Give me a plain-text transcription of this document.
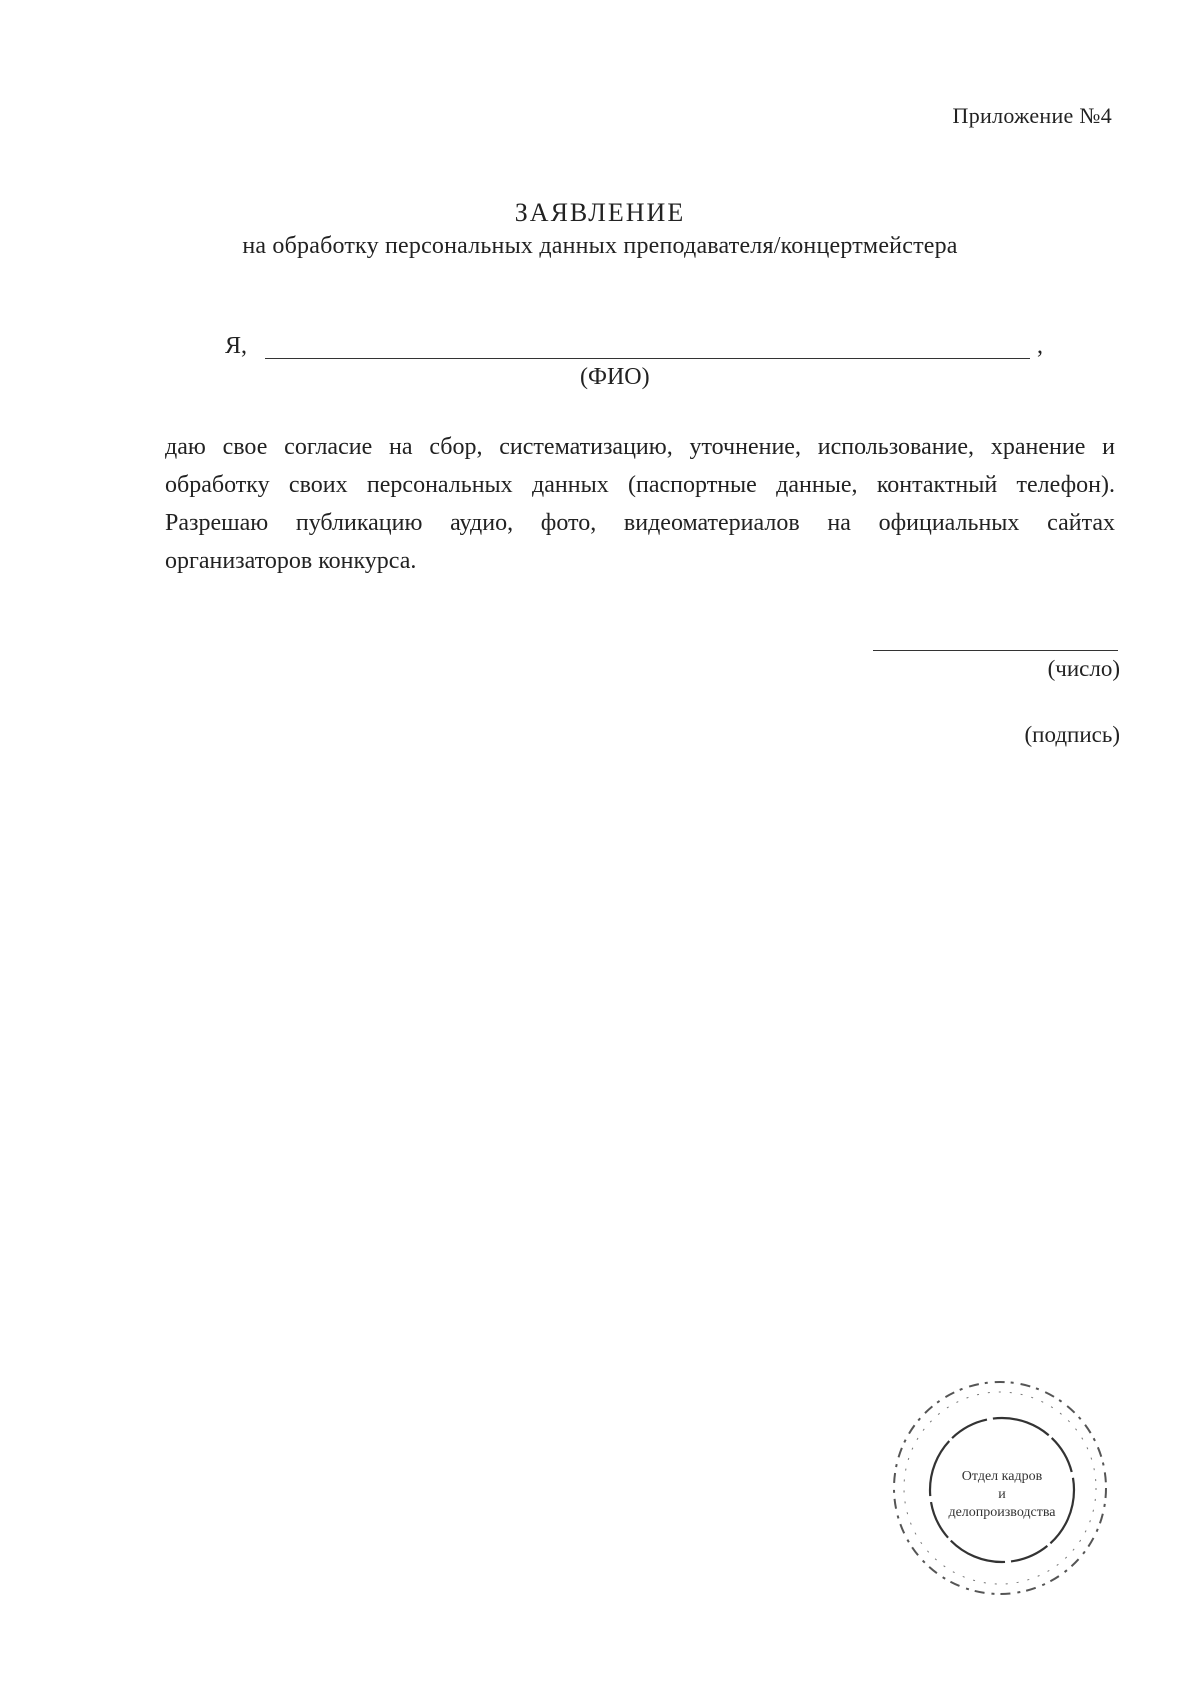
Приложение №4
ЗАЯВЛЕНИЕ
на обработку персональных данных преподавателя/концертмейстера
Я,	,
(ФИО)
даю свое согласие на сбор, систематизацию, уточнение, использование, хранение и обработку своих персональных данных (паспортные данные, контактный телефон). Разрешаю публикацию аудио, фото, видеоматериалов на официальных сайтах организаторов конкурса.
(число)
(подпись)
Отдел кадров
и
делопроизводства
